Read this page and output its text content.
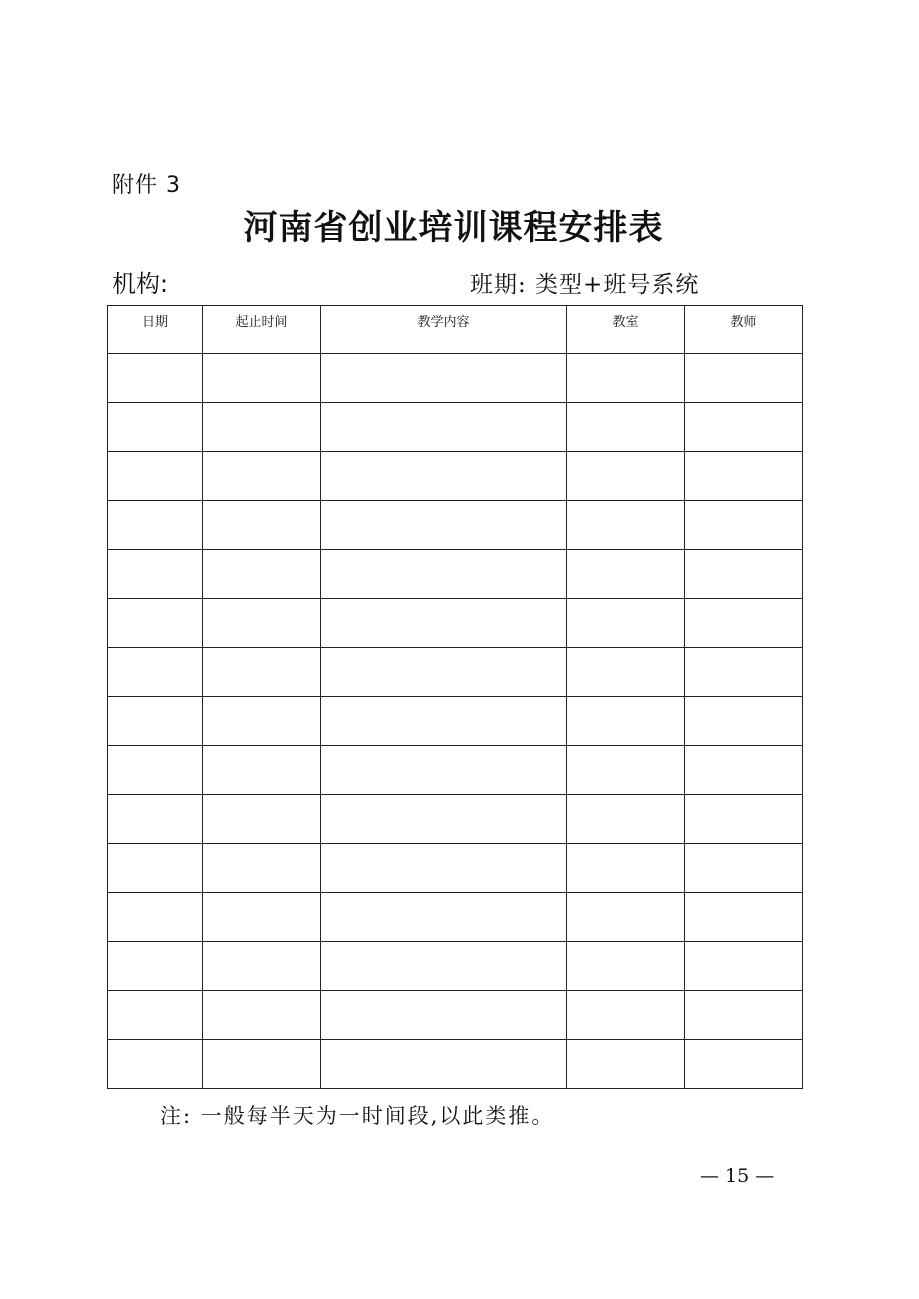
附件 3
河南省创业培训课程安排表
机构:	班期: 类型+班号系统
日期	起止时间	教学内容	教室	教师

注: 一般每半天为一时间段,以此类推。
— 15 —
